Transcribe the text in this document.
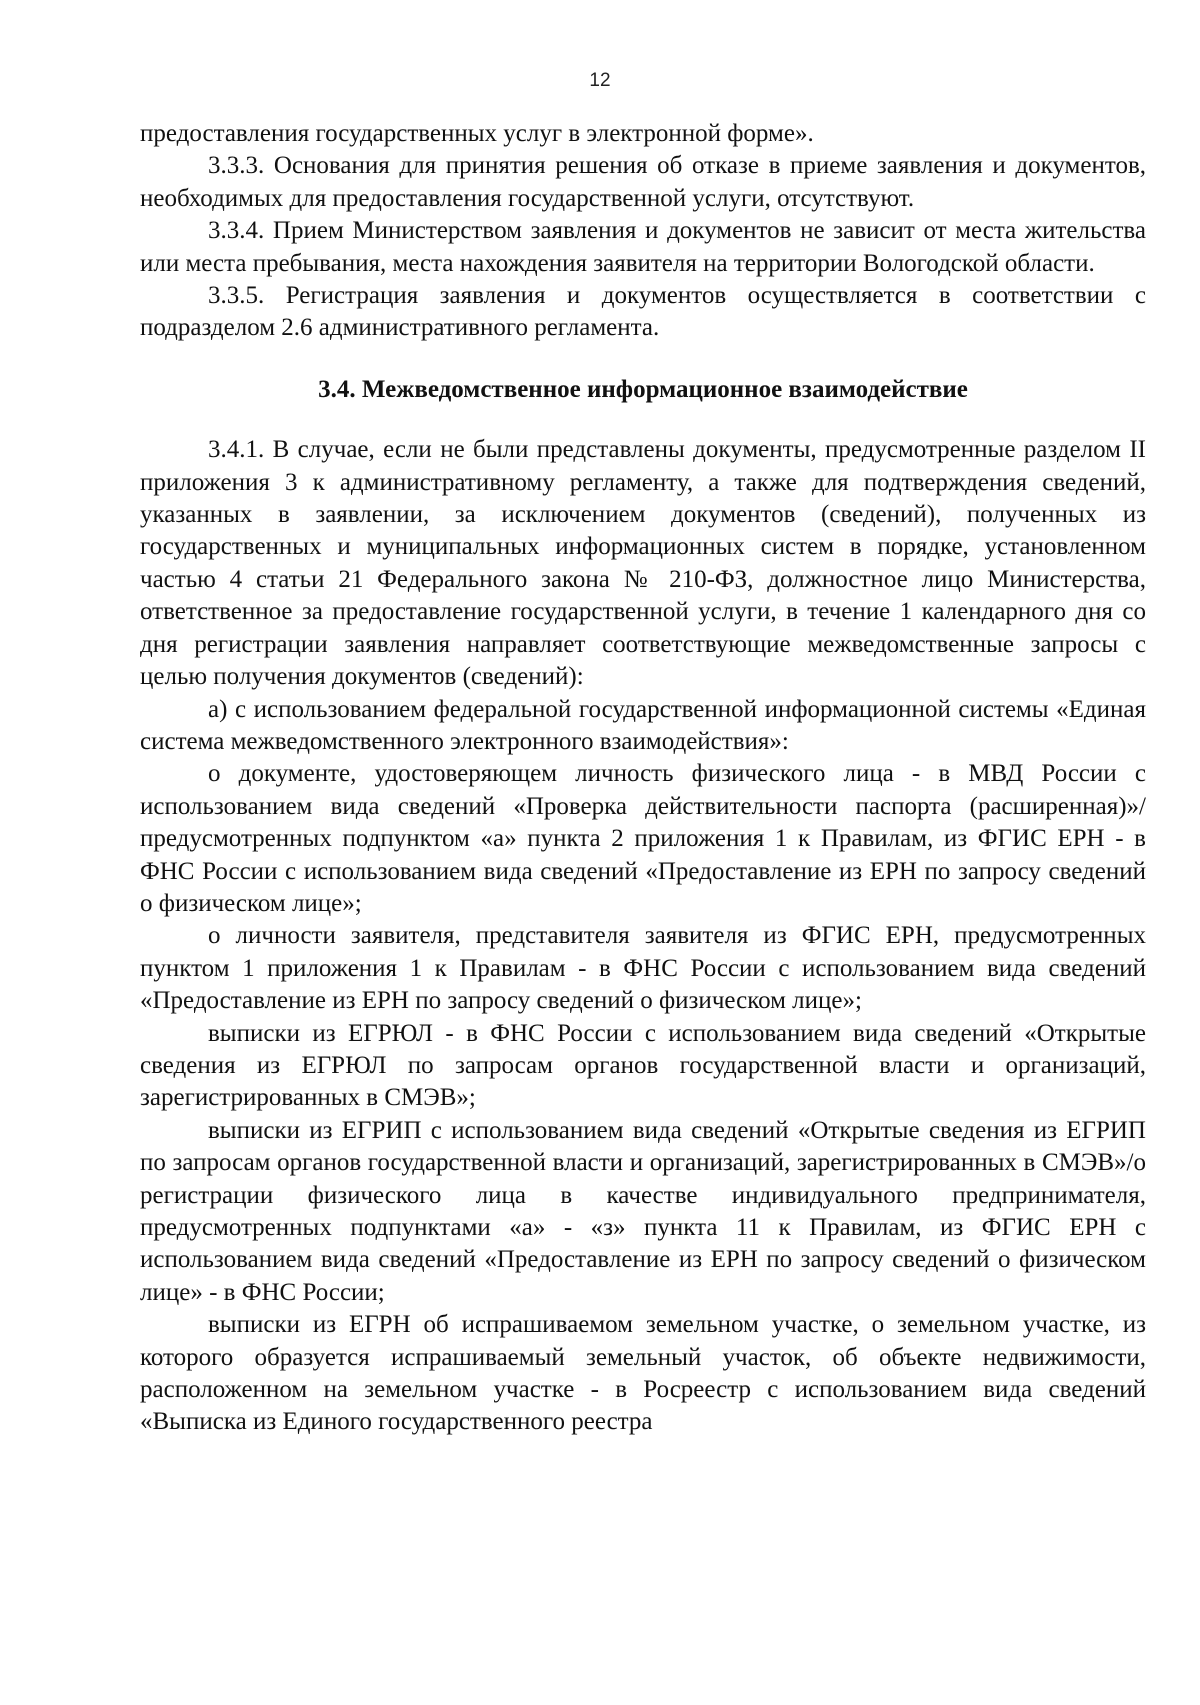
12

предоставления государственных услуг в электронной форме».

3.3.3. Основания для принятия решения об отказе в приеме заявления и документов, необходимых для предоставления государственной услуги, отсутствуют.

3.3.4. Прием Министерством заявления и документов не зависит от места жительства или места пребывания, места нахождения заявителя на территории Вологодской области.

3.3.5. Регистрация заявления и документов осуществляется в соответствии с подразделом 2.6 административного регламента.

3.4. Межведомственное информационное взаимодействие

3.4.1. В случае, если не были представлены документы, предусмотренные разделом II приложения 3 к административному регламенту, а также для подтверждения сведений, указанных в заявлении, за исключением документов (сведений), полученных из государственных и муниципальных информационных систем в порядке, установленном частью 4 статьи 21 Федерального закона № 210-ФЗ, должностное лицо Министерства, ответственное за предоставление государственной услуги, в течение 1 календарного дня со дня регистрации заявления направляет соответствующие межведомственные запросы с целью получения документов (сведений):

а) с использованием федеральной государственной информационной системы «Единая система межведомственного электронного взаимодействия»:

о документе, удостоверяющем личность физического лица - в МВД России с использованием вида сведений «Проверка действительности паспорта (расширенная)»/предусмотренных подпунктом «а» пункта 2 приложения 1 к Правилам, из ФГИС ЕРН - в ФНС России с использованием вида сведений «Предоставление из ЕРН по запросу сведений о физическом лице»;

о личности заявителя, представителя заявителя из ФГИС ЕРН, предусмотренных пунктом 1 приложения 1 к Правилам - в ФНС России с использованием вида сведений «Предоставление из ЕРН по запросу сведений о физическом лице»;

выписки из ЕГРЮЛ - в ФНС России с использованием вида сведений «Открытые сведения из ЕГРЮЛ по запросам органов государственной власти и организаций, зарегистрированных в СМЭВ»;

выписки из ЕГРИП с использованием вида сведений «Открытые сведения из ЕГРИП по запросам органов государственной власти и организаций, зарегистрированных в СМЭВ»/о регистрации физического лица в качестве индивидуального предпринимателя, предусмотренных подпунктами «а» - «з» пункта 11 к Правилам, из ФГИС ЕРН с использованием вида сведений «Предоставление из ЕРН по запросу сведений о физическом лице» - в ФНС России;

выписки из ЕГРН об испрашиваемом земельном участке, о земельном участке, из которого образуется испрашиваемый земельный участок, об объекте недвижимости, расположенном на земельном участке - в Росреестр с использованием вида сведений «Выписка из Единого государственного реестра
